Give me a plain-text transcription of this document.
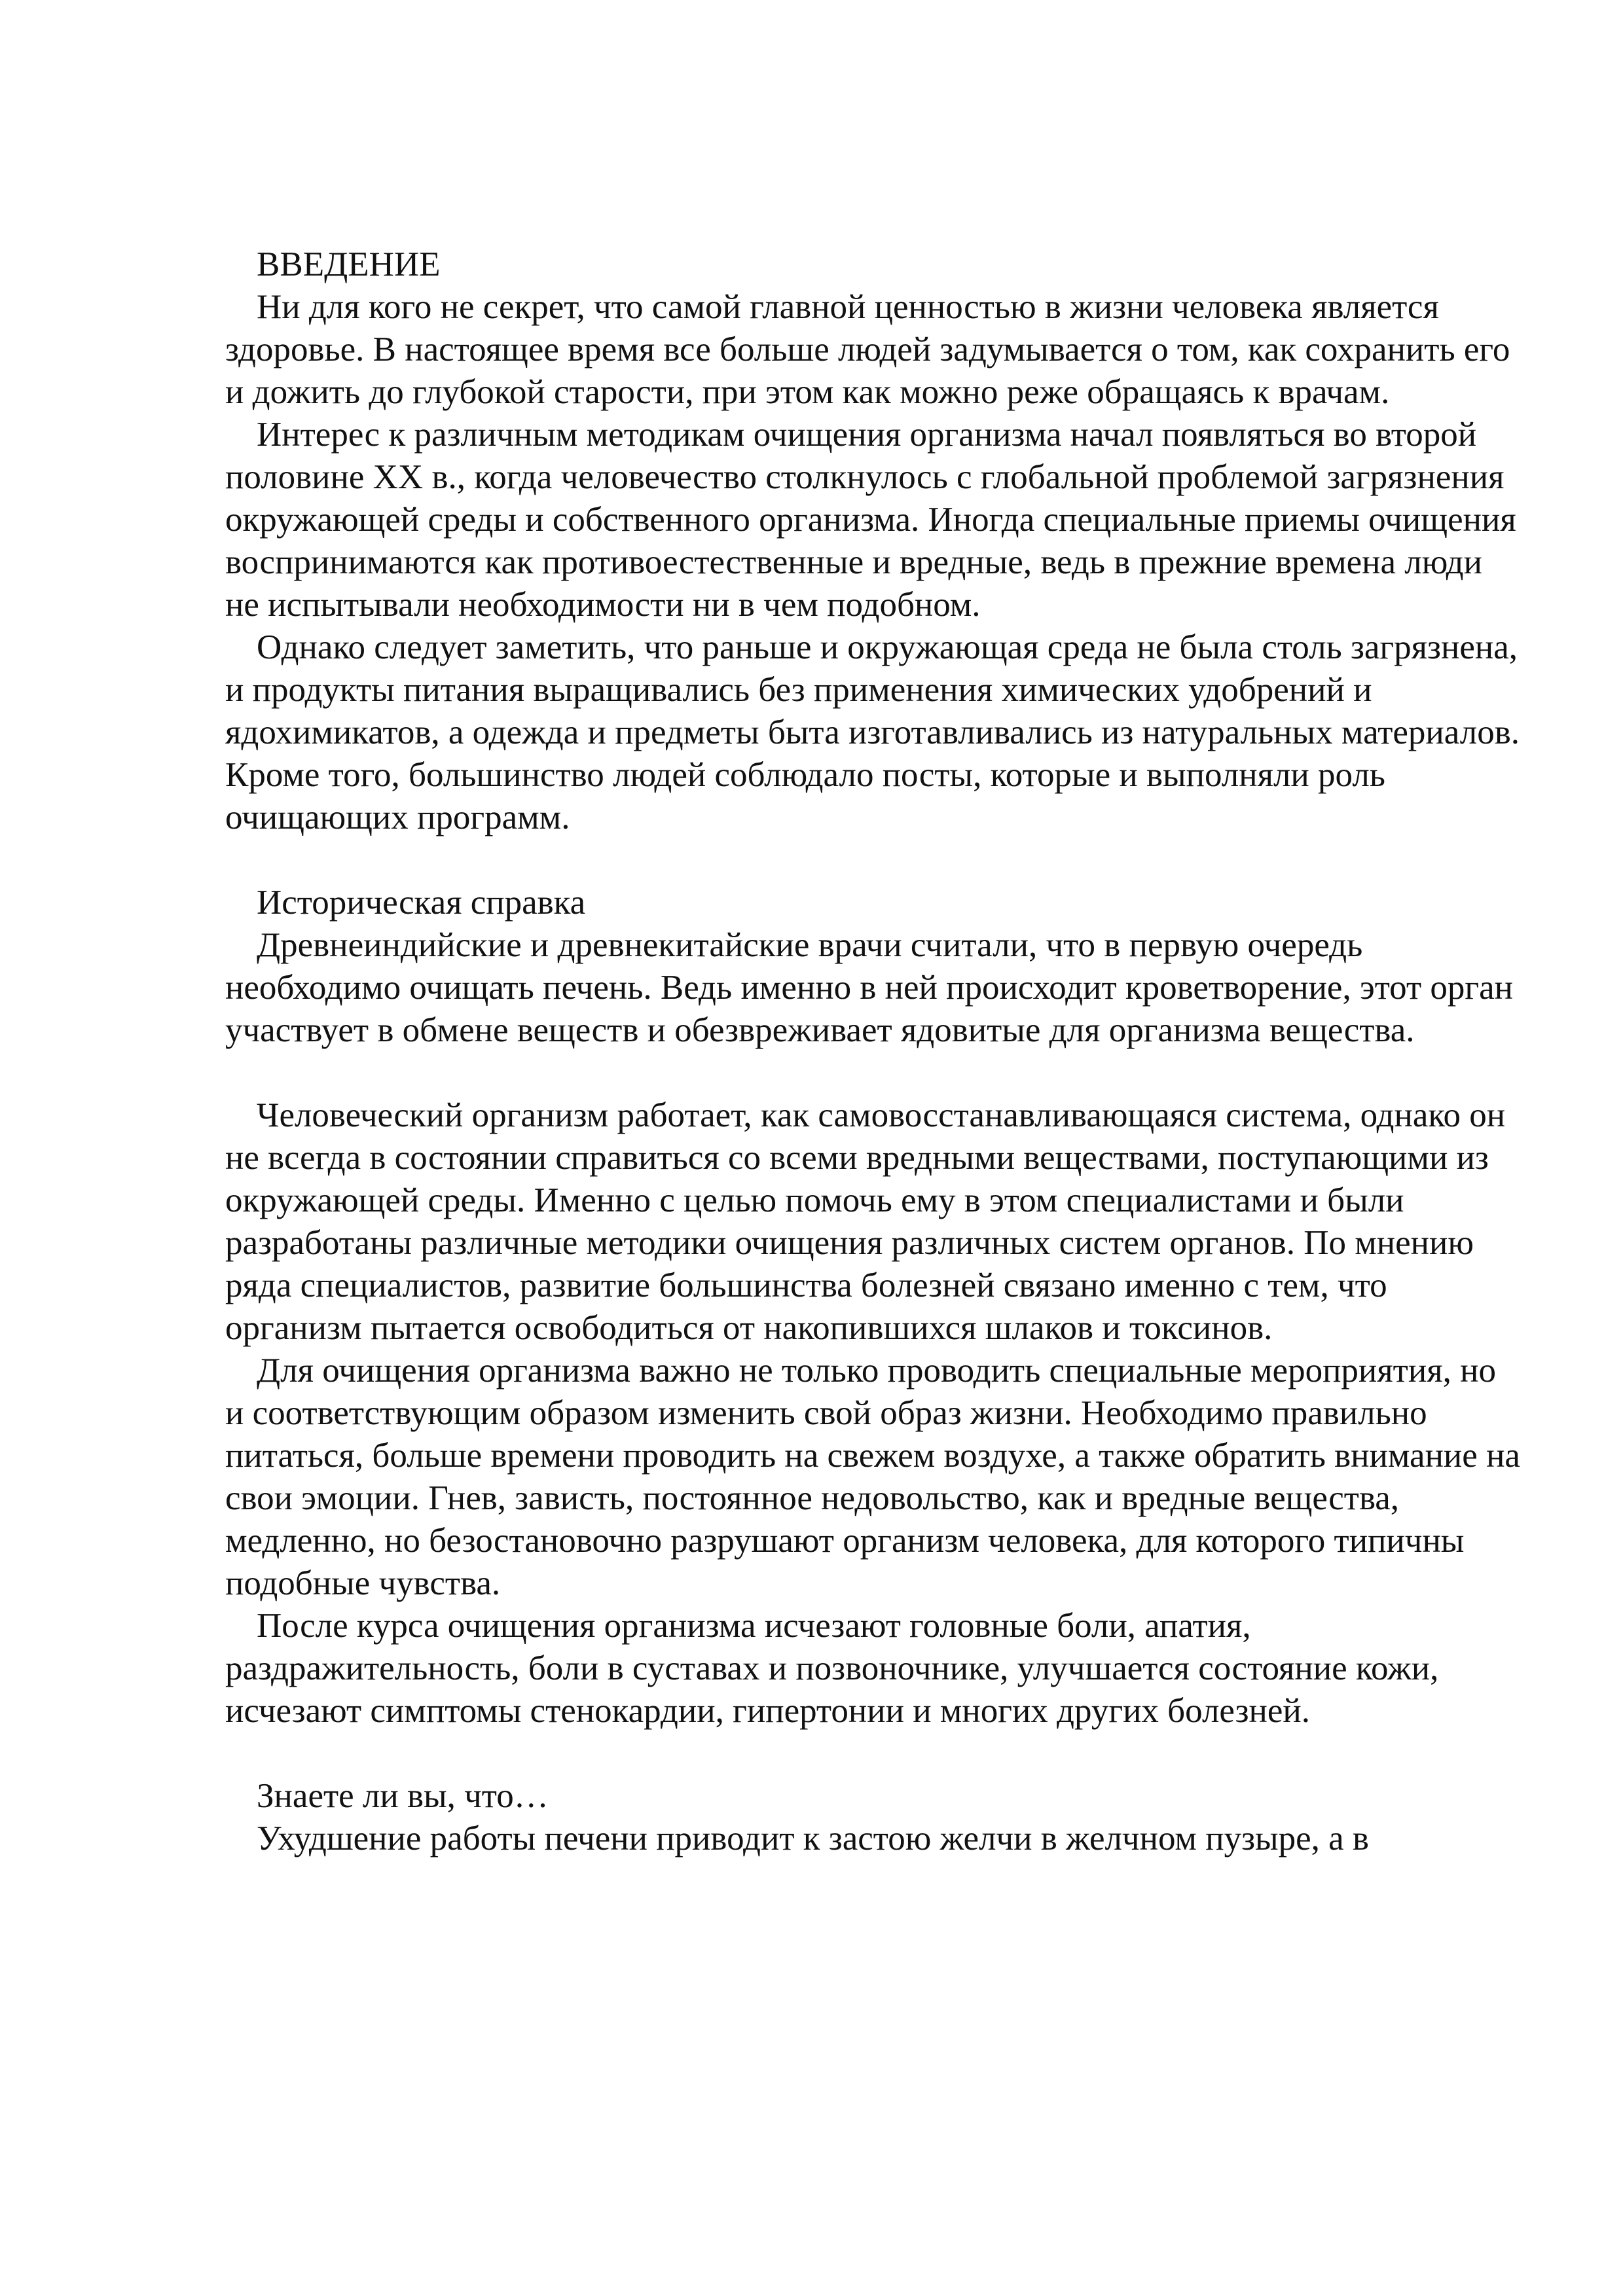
ВВЕДЕНИЕ

Ни для кого не секрет, что самой главной ценностью в жизни человека является здоровье. В настоящее время все больше людей задумывается о том, как сохранить его и дожить до глубокой старости, при этом как можно реже обращаясь к врачам.

Интерес к различным методикам очищения организма начал появляться во второй половине XX в., когда человечество столкнулось с глобальной проблемой загрязнения окружающей среды и собственного организма. Иногда специальные приемы очищения воспринимаются как противоестественные и вредные, ведь в прежние времена люди не испытывали необходимости ни в чем подобном.

Однако следует заметить, что раньше и окружающая среда не была столь загрязнена, и продукты питания выращивались без применения химических удобрений и ядохимикатов, а одежда и предметы быта изготавливались из натуральных материалов. Кроме того, большинство людей соблюдало посты, которые и выполняли роль очищающих программ.

Историческая справка

Древнеиндийские и древнекитайские врачи считали, что в первую очередь необходимо очищать печень. Ведь именно в ней происходит кроветворение, этот орган участвует в обмене веществ и обезвреживает ядовитые для организма вещества.

Человеческий организм работает, как самовосстанавливающаяся система, однако он не всегда в состоянии справиться со всеми вредными веществами, поступающими из окружающей среды. Именно с целью помочь ему в этом специалистами и были разработаны различные методики очищения различных систем органов. По мнению ряда специалистов, развитие большинства болезней связано именно с тем, что организм пытается освободиться от накопившихся шлаков и токсинов.

Для очищения организма важно не только проводить специальные мероприятия, но и соответствующим образом изменить свой образ жизни. Необходимо правильно питаться, больше времени проводить на свежем воздухе, а также обратить внимание на свои эмоции. Гнев, зависть, постоянное недовольство, как и вредные вещества, медленно, но безостановочно разрушают организм человека, для которого типичны подобные чувства.

После курса очищения организма исчезают головные боли, апатия, раздражительность, боли в суставах и позвоночнике, улучшается состояние кожи, исчезают симптомы стенокардии, гипертонии и многих других болезней.

Знаете ли вы, что…

Ухудшение работы печени приводит к застою желчи в желчном пузыре, а в
